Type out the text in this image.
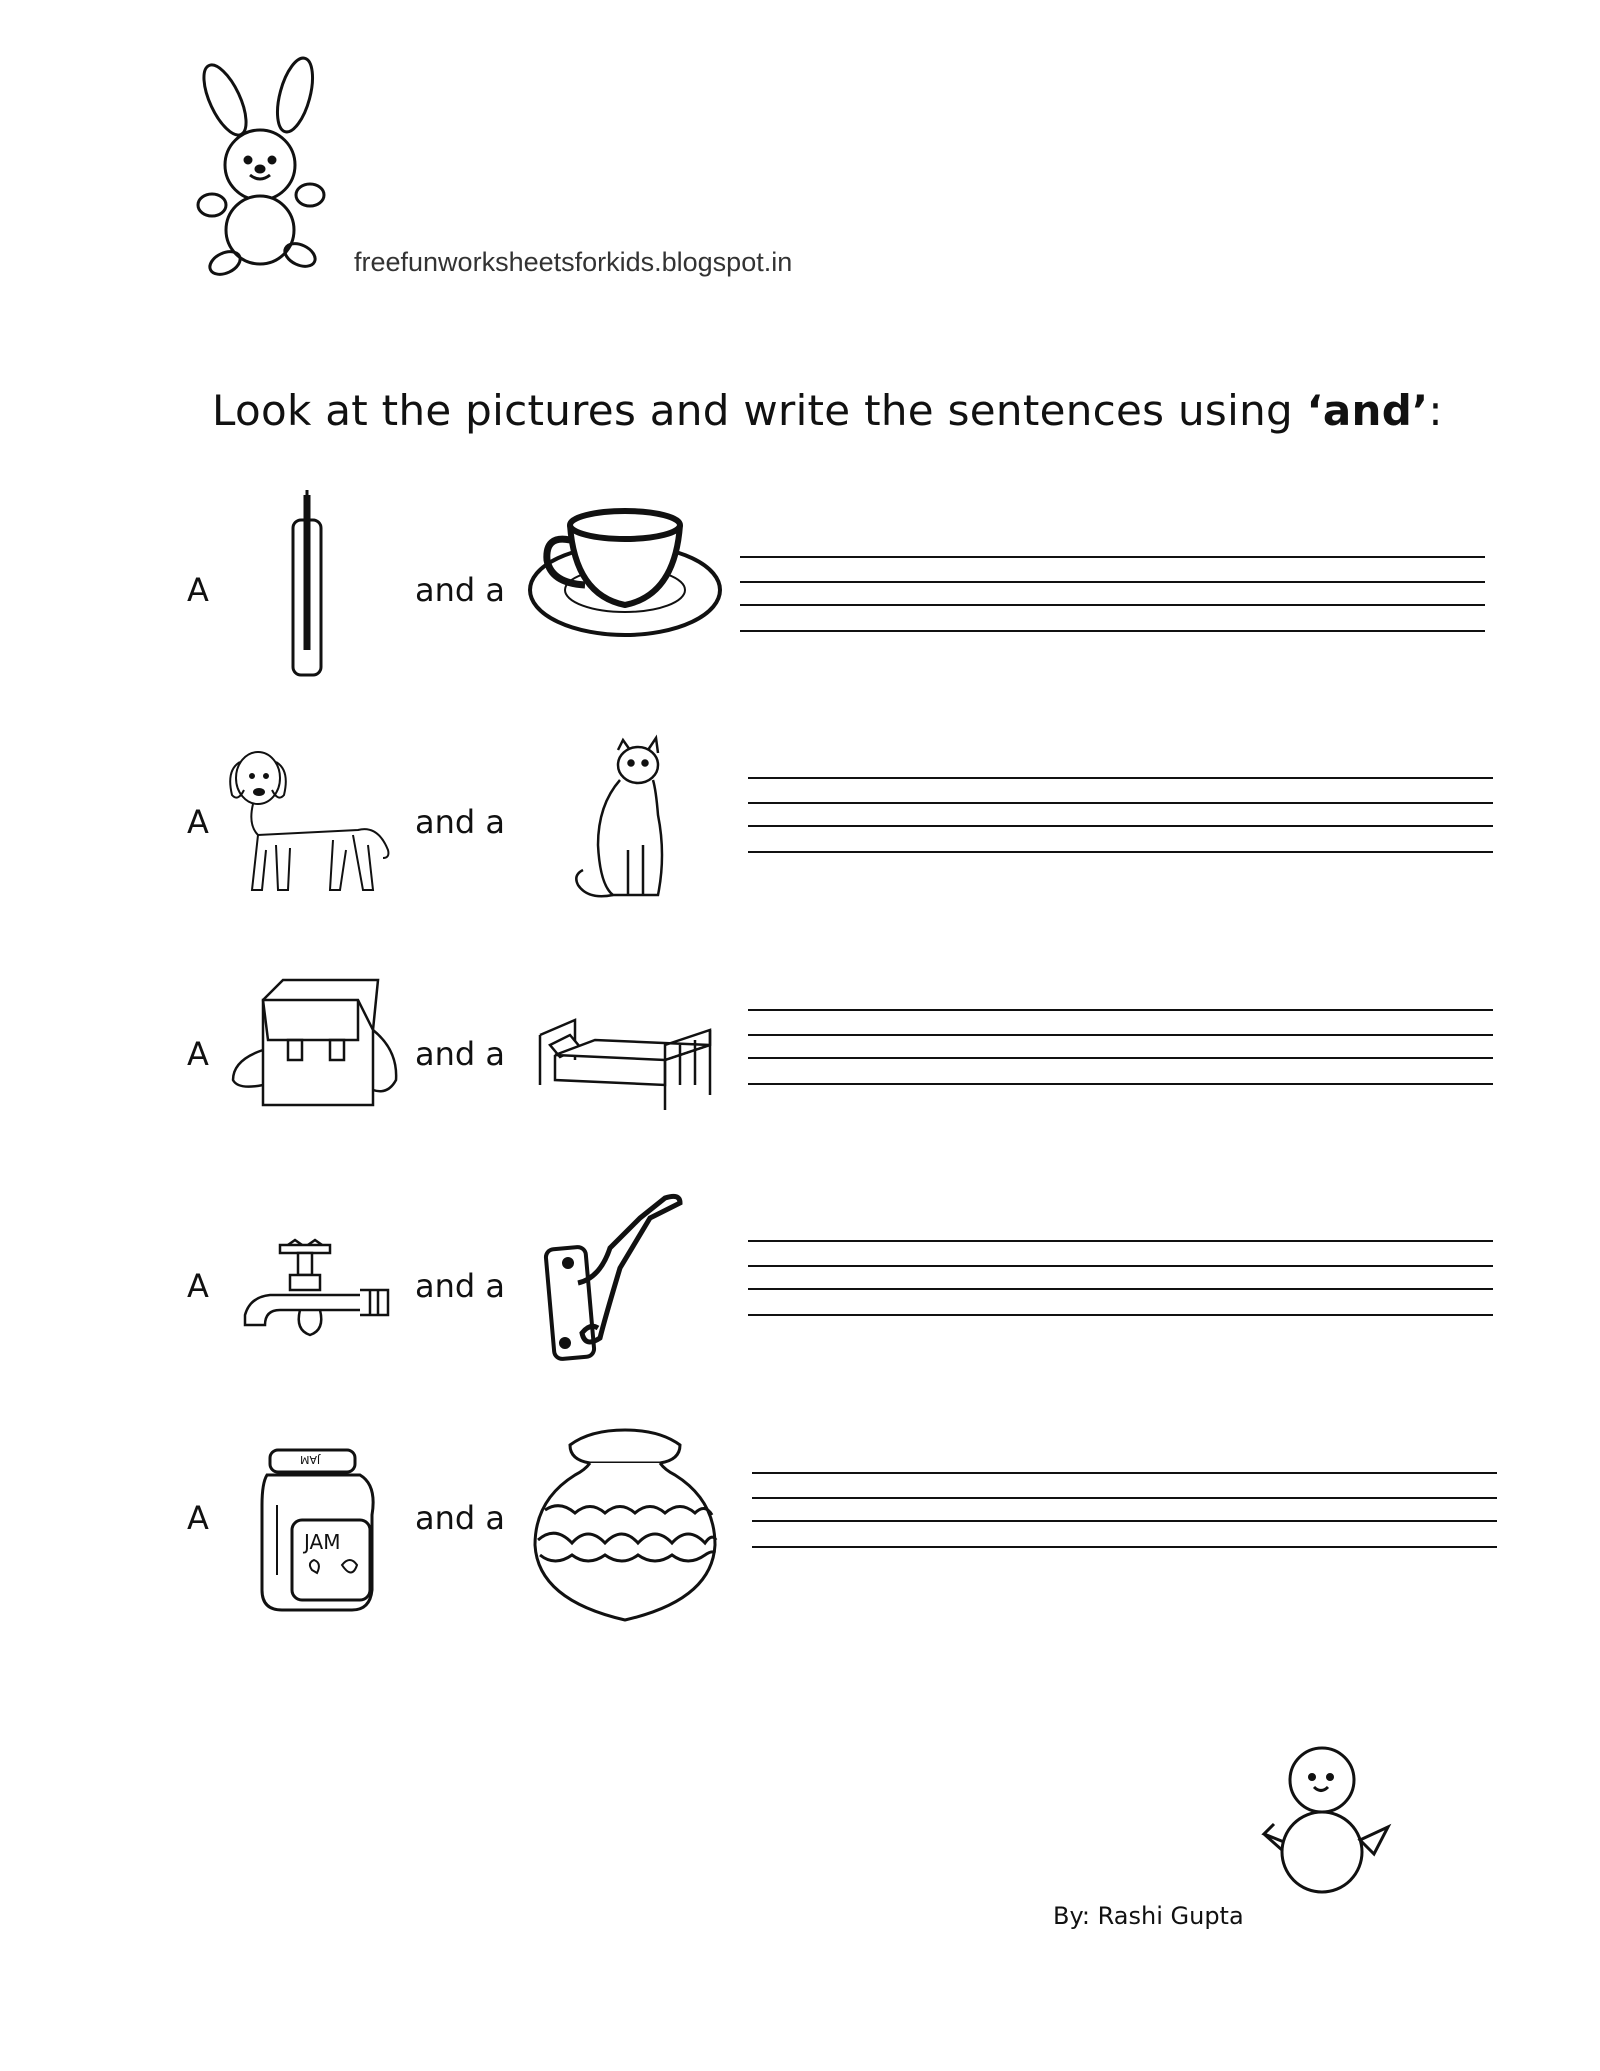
freefunworksheetsforkids.blogspot.in
Look at the pictures and write the sentences using ‘and’:
A	and a
A	and a
A	and a
A	and a
A
JAM
JAM
and a
By: Rashi Gupta
